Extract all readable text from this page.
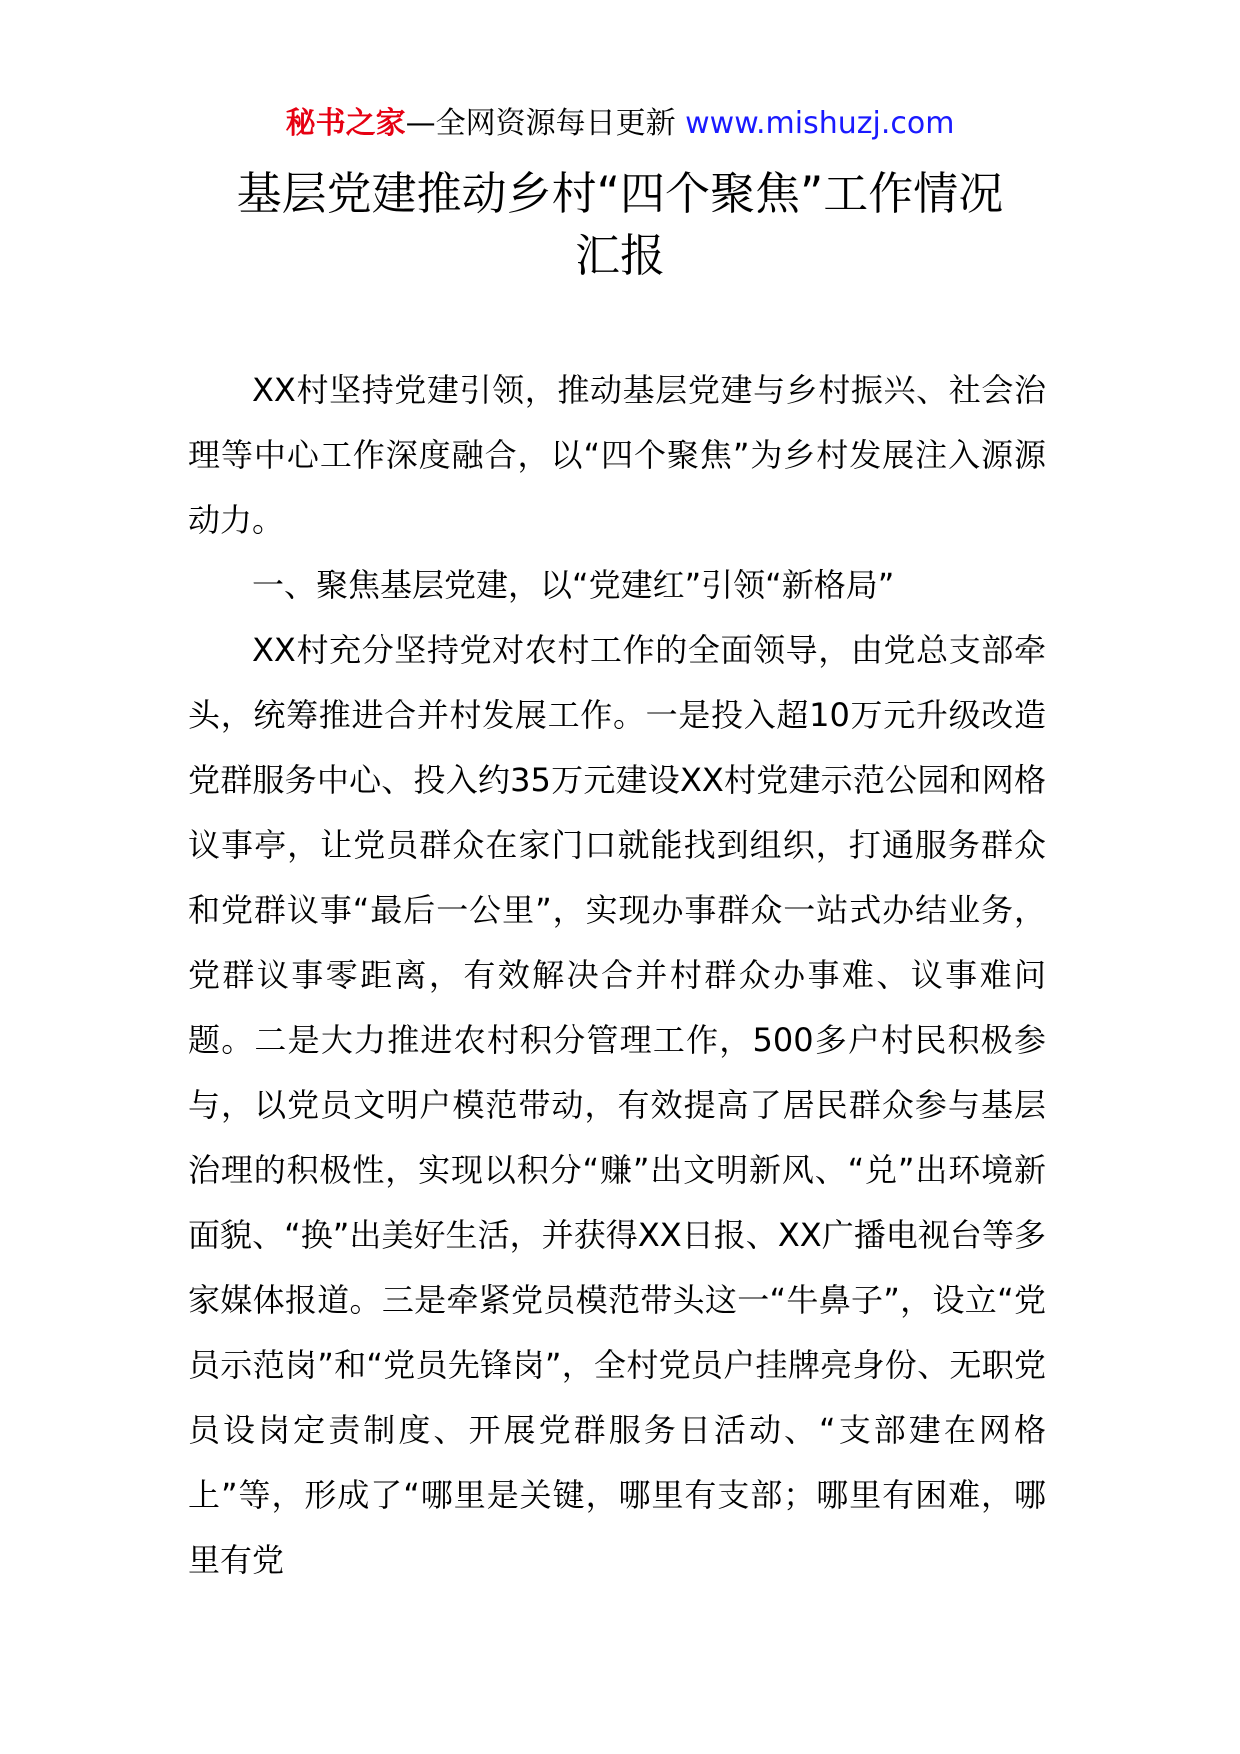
秘书之家—全网资源每日更新 www.mishuzj.com
基层党建推动乡村“四个聚焦”工作情况
汇报

XX村坚持党建引领，推动基层党建与乡村振兴、社会治理等中心工作深度融合，以“四个聚焦”为乡村发展注入源源动力。

一、聚焦基层党建，以“党建红”引领“新格局”

XX村充分坚持党对农村工作的全面领导，由党总支部牵头，统筹推进合并村发展工作。一是投入超10万元升级改造党群服务中心、投入约35万元建设XX村党建示范公园和网格议事亭，让党员群众在家门口就能找到组织，打通服务群众和党群议事“最后一公里”，实现办事群众一站式办结业务，党群议事零距离，有效解决合并村群众办事难、议事难问题。二是大力推进农村积分管理工作，500多户村民积极参与，以党员文明户模范带动，有效提高了居民群众参与基层治理的积极性，实现以积分“赚”出文明新风、“兑”出环境新面貌、“换”出美好生活，并获得XX日报、XX广播电视台等多家媒体报道。三是牵紧党员模范带头这一“牛鼻子”，设立“党员示范岗”和“党员先锋岗”，全村党员户挂牌亮身份、无职党员设岗定责制度、开展党群服务日活动、“支部建在网格上”等，形成了“哪里是关键，哪里有支部；哪里有困难，哪里有党
